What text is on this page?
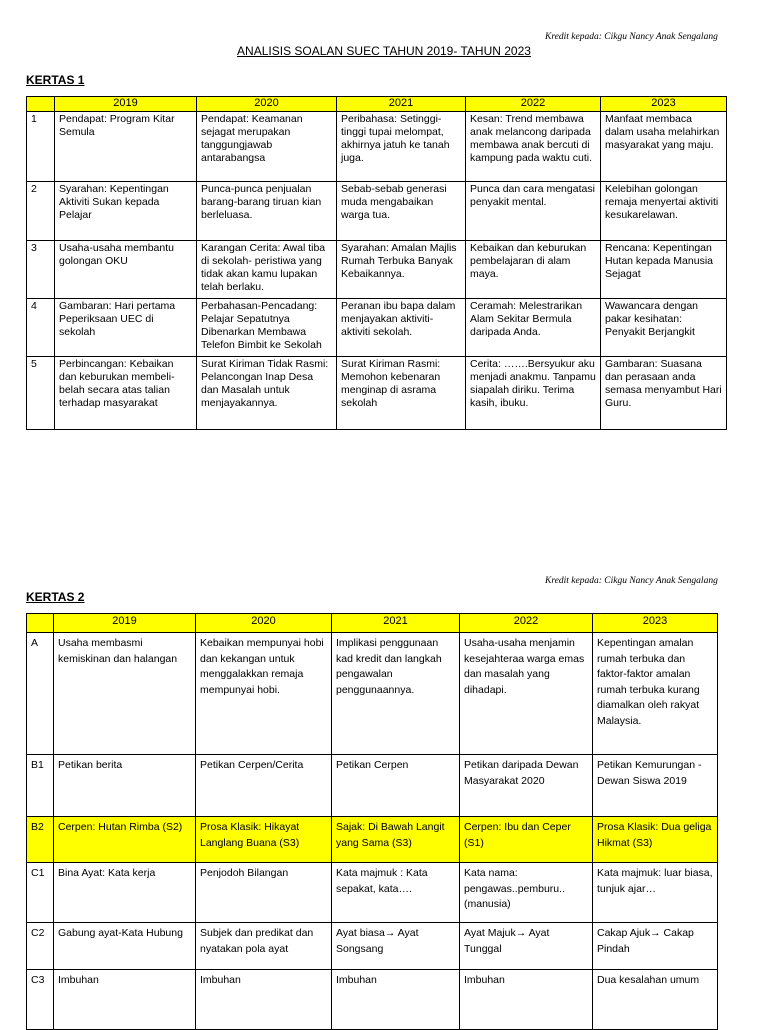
Kredit kepada: Cikgu Nancy Anak Sengalang
ANALISIS SOALAN SUEC TAHUN 2019- TAHUN 2023
KERTAS 1
	2019	2020	2021	2022	2023
1	Pendapat: Program Kitar Semula	Pendapat: Keamanan sejagat merupakan tanggungjawab antarabangsa	Peribahasa: Setinggi-tinggi tupai melompat, akhirnya jatuh ke tanah juga.	Kesan: Trend membawa anak melancong daripada membawa anak bercuti di kampung pada waktu cuti.	Manfaat membaca dalam usaha melahirkan masyarakat yang maju.
2	Syarahan: Kepentingan Aktiviti Sukan kepada Pelajar	Punca-punca penjualan barang-barang tiruan kian berleluasa.	Sebab-sebab generasi muda mengabaikan warga tua.	Punca dan cara mengatasi penyakit mental.	Kelebihan golongan remaja menyertai aktiviti kesukarelawan.
3	Usaha-usaha membantu golongan OKU	Karangan Cerita: Awal tiba di sekolah- peristiwa yang tidak akan kamu lupakan telah berlaku.	Syarahan: Amalan Majlis Rumah Terbuka Banyak Kebaikannya.	Kebaikan dan keburukan pembelajaran di alam maya.	Rencana: Kepentingan Hutan kepada Manusia Sejagat
4	Gambaran: Hari pertama Peperiksaan UEC di sekolah	Perbahasan-Pencadang: Pelajar Sepatutnya Dibenarkan Membawa Telefon Bimbit ke Sekolah	Peranan ibu bapa dalam menjayakan aktiviti-aktiviti sekolah.	Ceramah: Melestrarikan Alam Sekitar Bermula daripada Anda.	Wawancara dengan pakar kesihatan: Penyakit Berjangkit
5	Perbincangan: Kebaikan dan keburukan membeli-belah secara atas talian terhadap masyarakat	Surat Kiriman Tidak Rasmi: Pelancongan Inap Desa dan Masalah untuk menjayakannya.	Surat Kiriman Rasmi: Memohon kebenaran menginap di asrama sekolah	Cerita: …….Bersyukur aku menjadi anakmu. Tanpamu siapalah diriku. Terima kasih, ibuku.	Gambaran: Suasana dan perasaan anda semasa menyambut Hari Guru.
Kredit kepada: Cikgu Nancy Anak Sengalang
KERTAS 2
	2019	2020	2021	2022	2023
A	Usaha membasmi kemiskinan dan halangan	Kebaikan mempunyai hobi dan kekangan untuk menggalakkan remaja mempunyai hobi.	Implikasi penggunaan kad kredit dan langkah pengawalan penggunaannya.	Usaha-usaha menjamin kesejahteraa warga emas dan masalah yang dihadapi.	Kepentingan amalan rumah terbuka dan faktor-faktor amalan rumah terbuka kurang diamalkan oleh rakyat Malaysia.
B1	Petikan berita	Petikan Cerpen/Cerita	Petikan Cerpen	Petikan daripada Dewan Masyarakat 2020	Petikan Kemurungan -Dewan Siswa 2019
B2	Cerpen: Hutan Rimba (S2)	Prosa Klasik: Hikayat Langlang Buana (S3)	Sajak: Di Bawah Langit yang Sama (S3)	Cerpen: Ibu dan Ceper (S1)	Prosa Klasik: Dua geliga Hikmat (S3)
C1	Bina Ayat: Kata kerja	Penjodoh Bilangan	Kata majmuk : Kata sepakat, kata….	Kata nama: pengawas..pemburu.. (manusia)	Kata majmuk: luar biasa, tunjuk ajar…
C2	Gabung ayat-Kata Hubung	Subjek dan predikat dan nyatakan pola ayat	Ayat biasa→ Ayat Songsang	Ayat Majuk→ Ayat Tunggal	Cakap Ajuk→ Cakap Pindah
C3	Imbuhan	Imbuhan	Imbuhan	Imbuhan	Dua kesalahan umum
